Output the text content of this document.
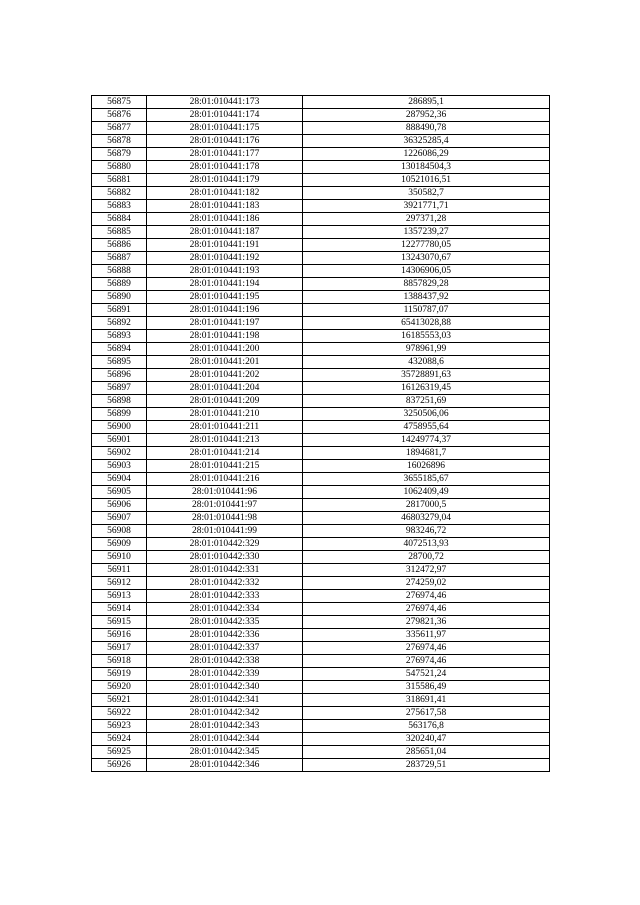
56875	28:01:010441:173	286895,1
56876	28:01:010441:174	287952,36
56877	28:01:010441:175	888490,78
56878	28:01:010441:176	36325285,4
56879	28:01:010441:177	1226086,29
56880	28:01:010441:178	130184504,3
56881	28:01:010441:179	10521016,51
56882	28:01:010441:182	350582,7
56883	28:01:010441:183	3921771,71
56884	28:01:010441:186	297371,28
56885	28:01:010441:187	1357239,27
56886	28:01:010441:191	12277780,05
56887	28:01:010441:192	13243070,67
56888	28:01:010441:193	14306906,05
56889	28:01:010441:194	8857829,28
56890	28:01:010441:195	1388437,92
56891	28:01:010441:196	1150787,07
56892	28:01:010441:197	65413028,88
56893	28:01:010441:198	16185553,03
56894	28:01:010441:200	978961,99
56895	28:01:010441:201	432088,6
56896	28:01:010441:202	35728891,63
56897	28:01:010441:204	16126319,45
56898	28:01:010441:209	837251,69
56899	28:01:010441:210	3250506,06
56900	28:01:010441:211	4758955,64
56901	28:01:010441:213	14249774,37
56902	28:01:010441:214	1894681,7
56903	28:01:010441:215	16026896
56904	28:01:010441:216	3655185,67
56905	28:01:010441:96	1062409,49
56906	28:01:010441:97	2817000,5
56907	28:01:010441:98	46803279,04
56908	28:01:010441:99	983246,72
56909	28:01:010442:329	4072513,93
56910	28:01:010442:330	28700,72
56911	28:01:010442:331	312472,97
56912	28:01:010442:332	274259,02
56913	28:01:010442:333	276974,46
56914	28:01:010442:334	276974,46
56915	28:01:010442:335	279821,36
56916	28:01:010442:336	335611,97
56917	28:01:010442:337	276974,46
56918	28:01:010442:338	276974,46
56919	28:01:010442:339	547521,24
56920	28:01:010442:340	315586,49
56921	28:01:010442:341	318691,41
56922	28:01:010442:342	275617,58
56923	28:01:010442:343	563176,8
56924	28:01:010442:344	320240,47
56925	28:01:010442:345	285651,04
56926	28:01:010442:346	283729,51
